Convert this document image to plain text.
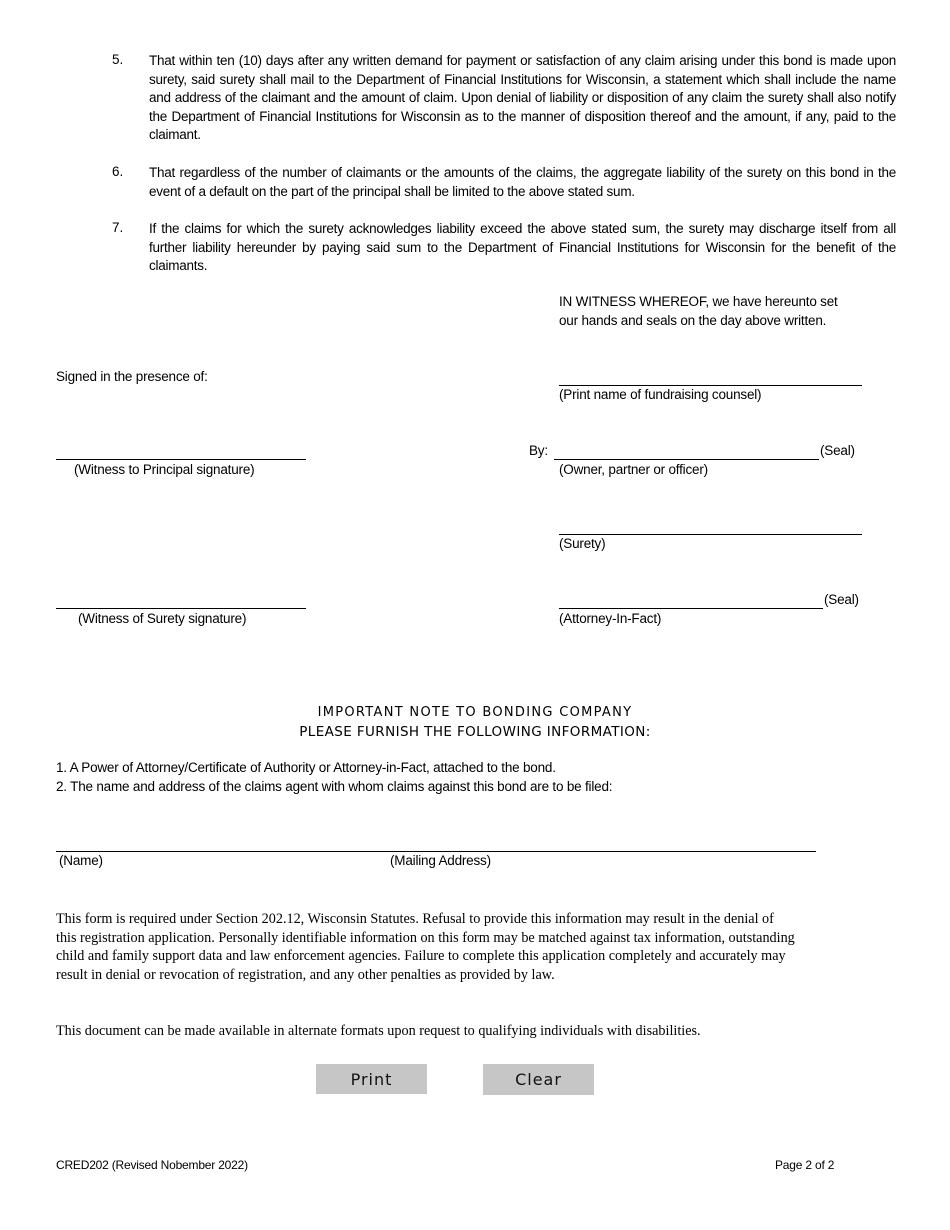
5. That within ten (10) days after any written demand for payment or satisfaction of any claim arising under this bond is made upon surety, said surety shall mail to the Department of Financial Institutions for Wisconsin, a statement which shall include the name and address of the claimant and the amount of claim. Upon denial of liability or disposition of any claim the surety shall also notify the Department of Financial Institutions for Wisconsin as to the manner of disposition thereof and the amount, if any, paid to the claimant.
6. That regardless of the number of claimants or the amounts of the claims, the aggregate liability of the surety on this bond in the event of a default on the part of the principal shall be limited to the above stated sum.
7. If the claims for which the surety acknowledges liability exceed the above stated sum, the surety may discharge itself from all further liability hereunder by paying said sum to the Department of Financial Institutions for Wisconsin for the benefit of the claimants.
IN WITNESS WHEREOF, we have hereunto set
our hands and seals on the day above written.
Signed in the presence of:
(Print name of fundraising counsel)
(Witness to Principal signature)
By:	(Seal)
(Owner, partner or officer)
(Surety)
(Witness of Surety signature)
(Seal)
(Attorney-In-Fact)
IMPORTANT NOTE TO BONDING COMPANY
PLEASE FURNISH THE FOLLOWING INFORMATION:
1. A Power of Attorney/Certificate of Authority or Attorney-in-Fact, attached to the bond.
2. The name and address of the claims agent with whom claims against this bond are to be filed:
(Name)	(Mailing Address)
This form is required under Section 202.12, Wisconsin Statutes. Refusal to provide this information may result in the denial of this registration application. Personally identifiable information on this form may be matched against tax information, outstanding child and family support data and law enforcement agencies. Failure to complete this application completely and accurately may result in denial or revocation of registration, and any other penalties as provided by law.
This document can be made available in alternate formats upon request to qualifying individuals with disabilities.
Print	Clear
CRED202 (Revised Nobember 2022)	Page 2 of 2
